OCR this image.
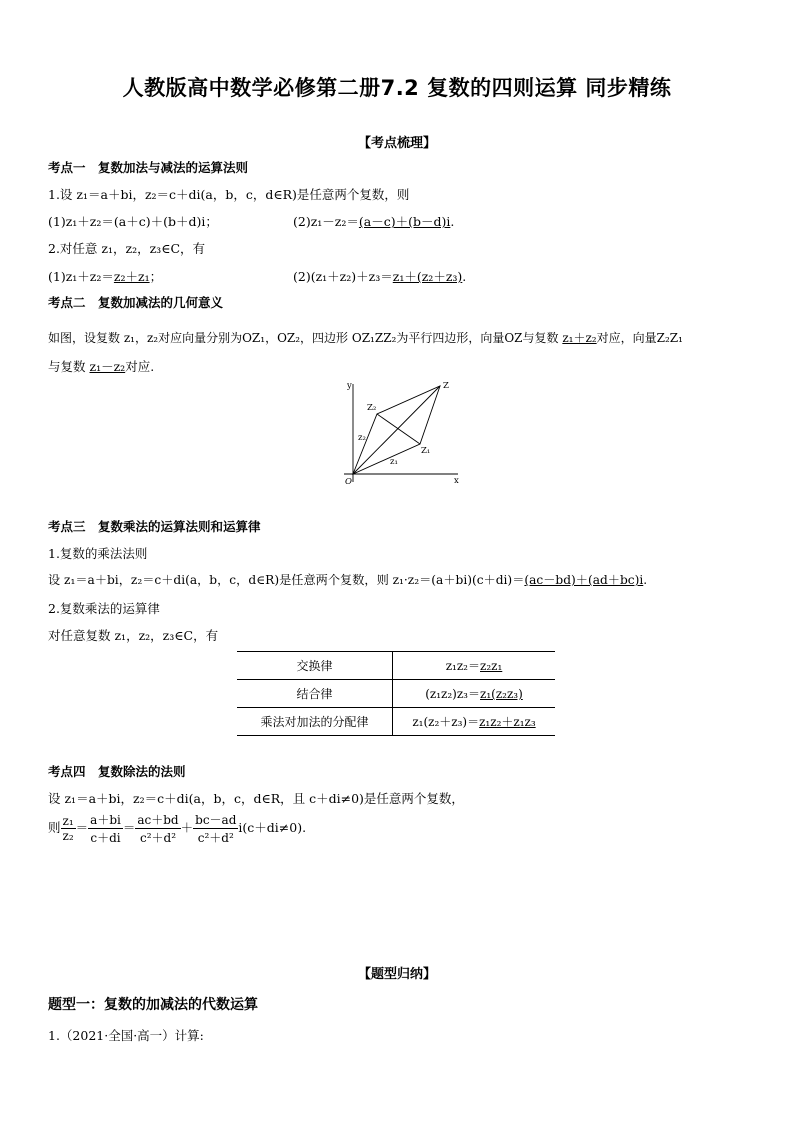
人教版高中数学必修第二册7.2 复数的四则运算 同步精练
【考点梳理】
考点一　复数加法与减法的运算法则
1.设 z₁＝a＋bi，z₂＝c＋di(a，b，c，d∈R)是任意两个复数，则
(1)z₁＋z₂＝(a＋c)＋(b＋d)i；	(2)z₁－z₂＝(a－c)＋(b－d)i.
2.对任意 z₁，z₂，z₃∈C，有
(1)z₁＋z₂＝z₂＋z₁；	(2)(z₁＋z₂)＋z₃＝z₁＋(z₂＋z₃).
考点二　复数加减法的几何意义
如图，设复数 z₁，z₂对应向量分别为OZ₁，OZ₂，四边形 OZ₁ZZ₂为平行四边形，向量OZ与复数 z₁＋z₂对应，向量Z₂Z₁
与复数 z₁－z₂对应.
y
x
O
Z
Z₁
Z₂
z₂
z₁
考点三　复数乘法的运算法则和运算律
1.复数的乘法法则
设 z₁＝a＋bi，z₂＝c＋di(a，b，c，d∈R)是任意两个复数，则 z₁·z₂＝(a＋bi)(c＋di)＝(ac－bd)＋(ad＋bc)i.
2.复数乘法的运算律
对任意复数 z₁，z₂，z₃∈C，有
交换律	z₁z₂＝z₂z₁
结合律	(z₁z₂)z₃＝z₁(z₂z₃)
乘法对加法的分配律	z₁(z₂＋z₃)＝z₁z₂＋z₁z₃
考点四　复数除法的法则
设 z₁＝a＋bi，z₂＝c＋di(a，b，c，d∈R，且 c＋di≠0)是任意两个复数，
则 $\frac{\text{z₁}}{\text{z₂}} = \frac{a+bi}{c+di} = \frac{ac+bd}{\text{c²＋d²}} + \frac{bc-ad}{\text{c²＋d²}} i(c+di\ne 0)$.
【题型归纳】
题型一：复数的加减法的代数运算
1.（2021·全国·高一）计算:
